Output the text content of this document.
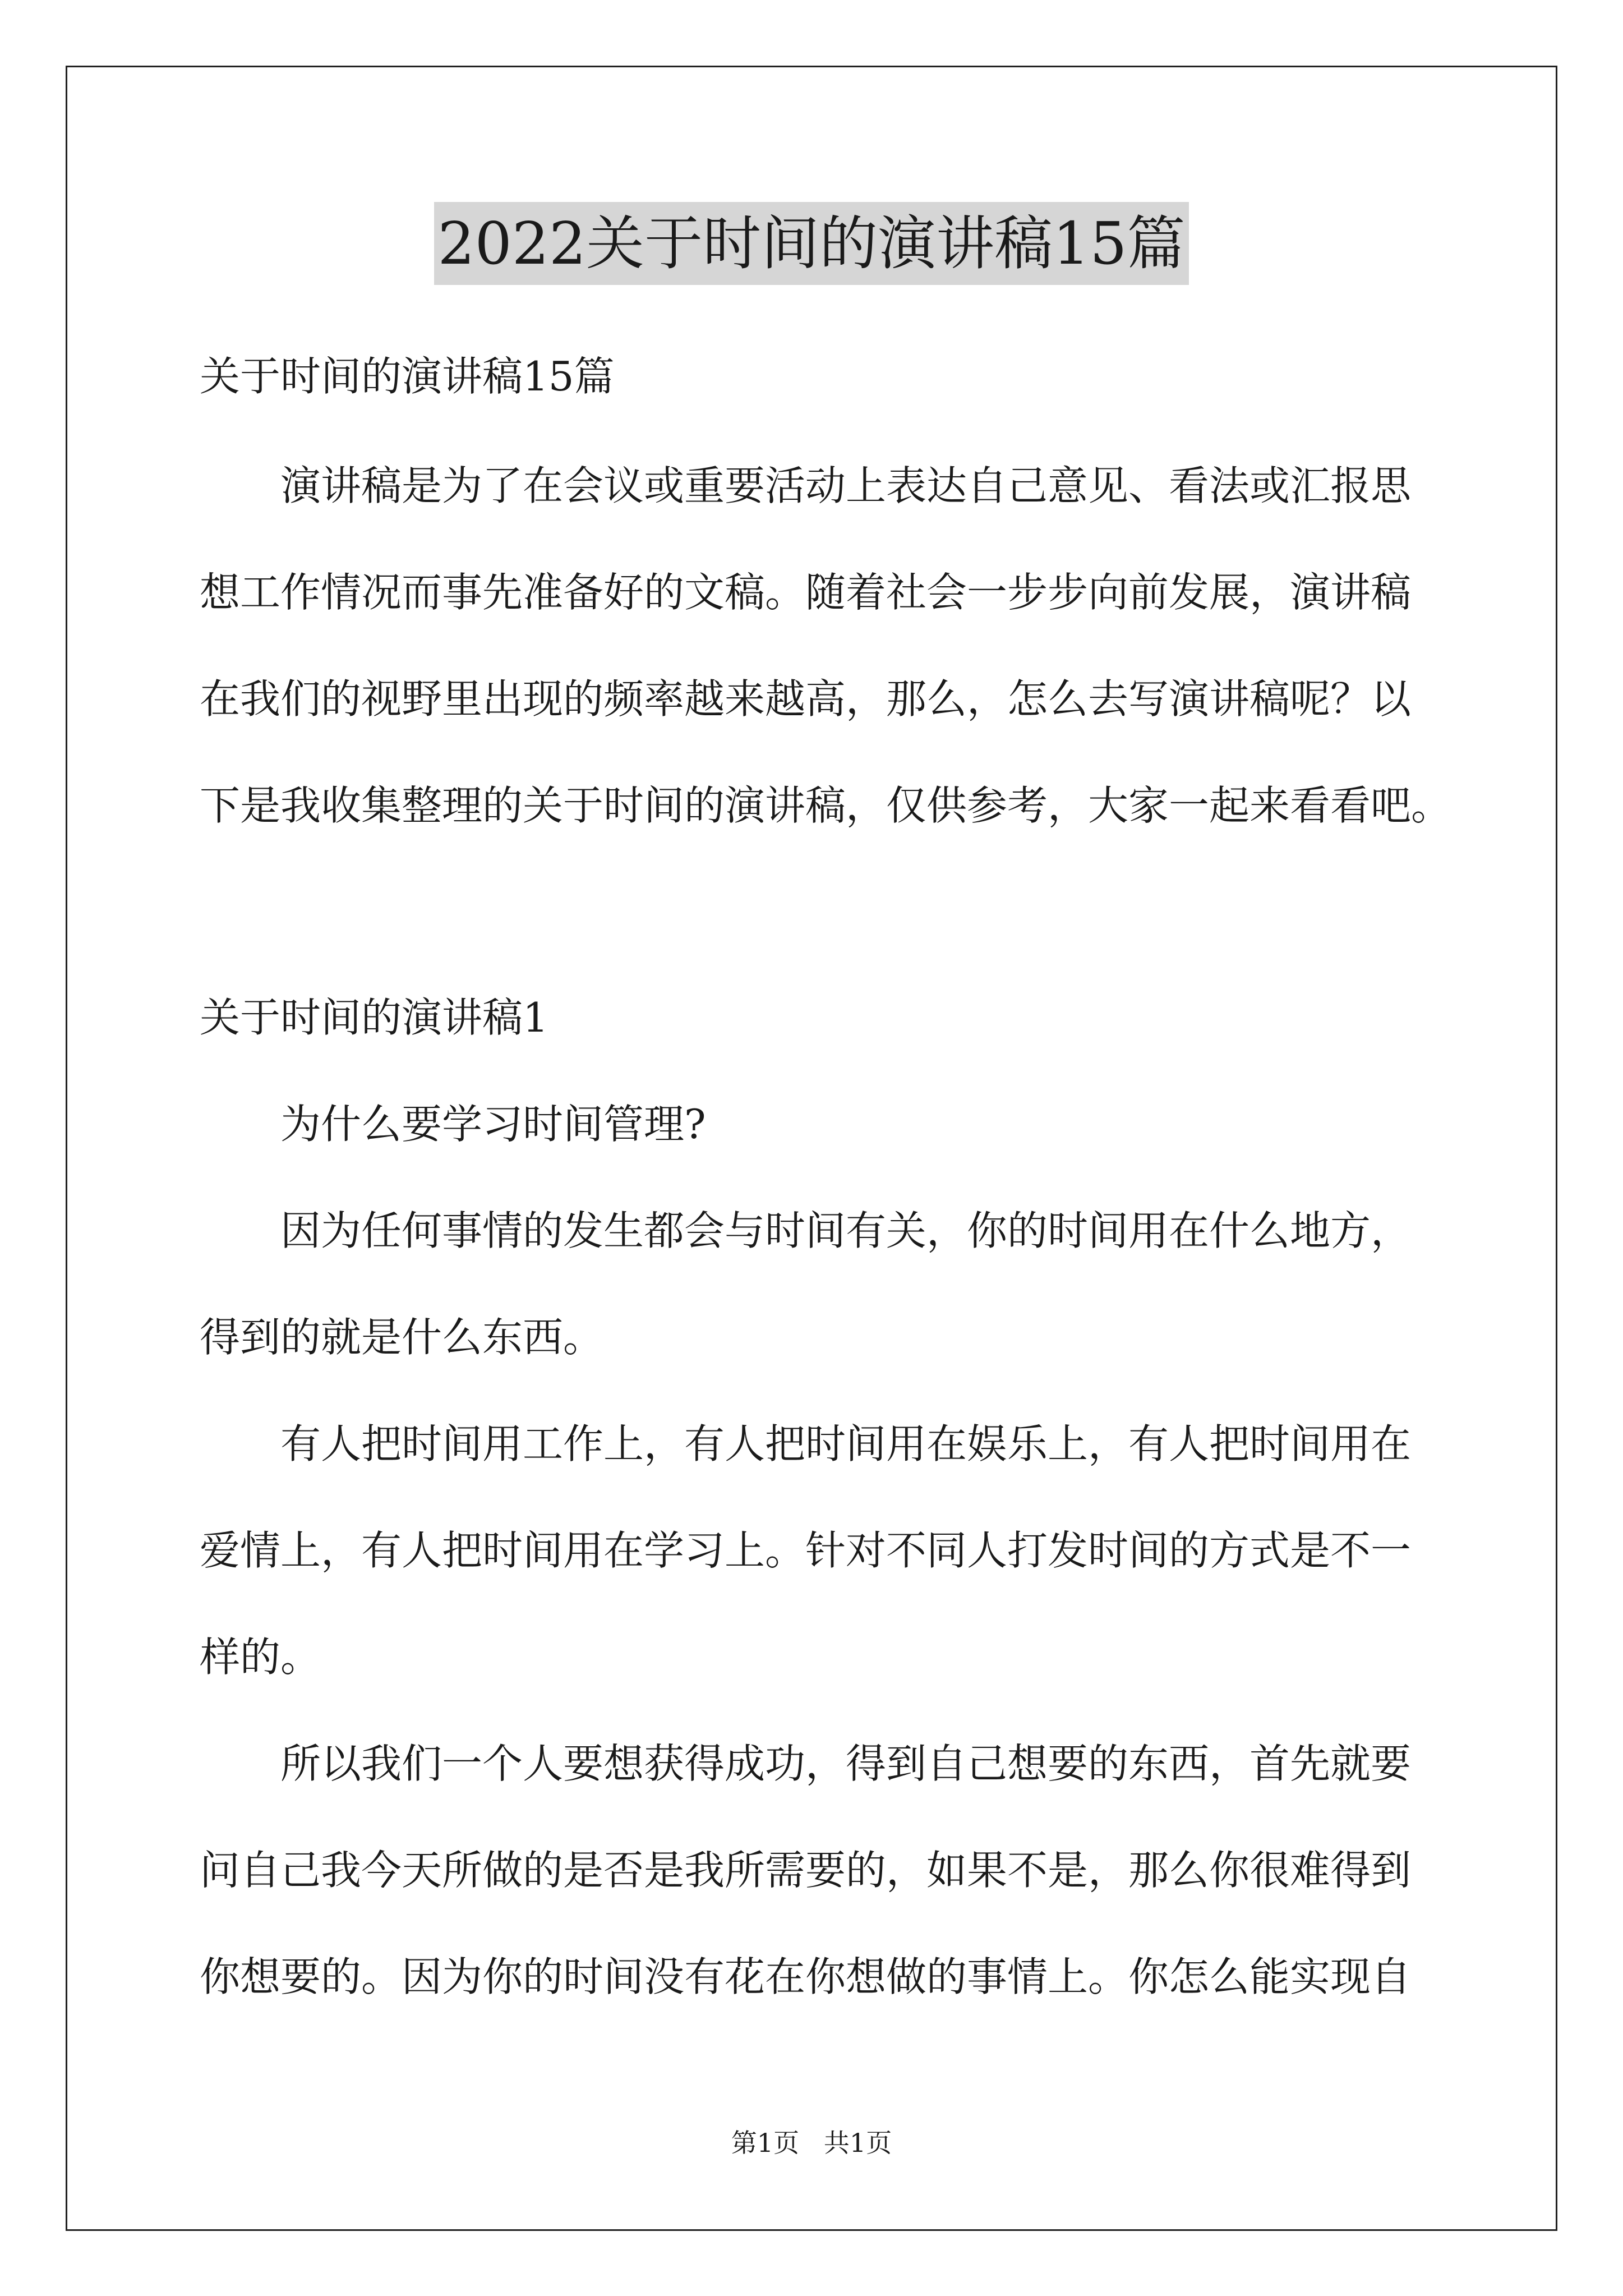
2022关于时间的演讲稿15篇
关于时间的演讲稿15篇
演讲稿是为了在会议或重要活动上表达自己意见、看法或汇报思
想工作情况而事先准备好的文稿。随着社会一步步向前发展，演讲稿
在我们的视野里出现的频率越来越高，那么，怎么去写演讲稿呢？以
下是我收集整理的关于时间的演讲稿，仅供参考，大家一起来看看吧。
关于时间的演讲稿1
为什么要学习时间管理?
因为任何事情的发生都会与时间有关，你的时间用在什么地方，
得到的就是什么东西。
有人把时间用工作上，有人把时间用在娱乐上，有人把时间用在
爱情上，有人把时间用在学习上。针对不同人打发时间的方式是不一
样的。
所以我们一个人要想获得成功，得到自己想要的东西，首先就要
问自己我今天所做的是否是我所需要的，如果不是，那么你很难得到
你想要的。因为你的时间没有花在你想做的事情上。你怎么能实现自
第1页   共1页
